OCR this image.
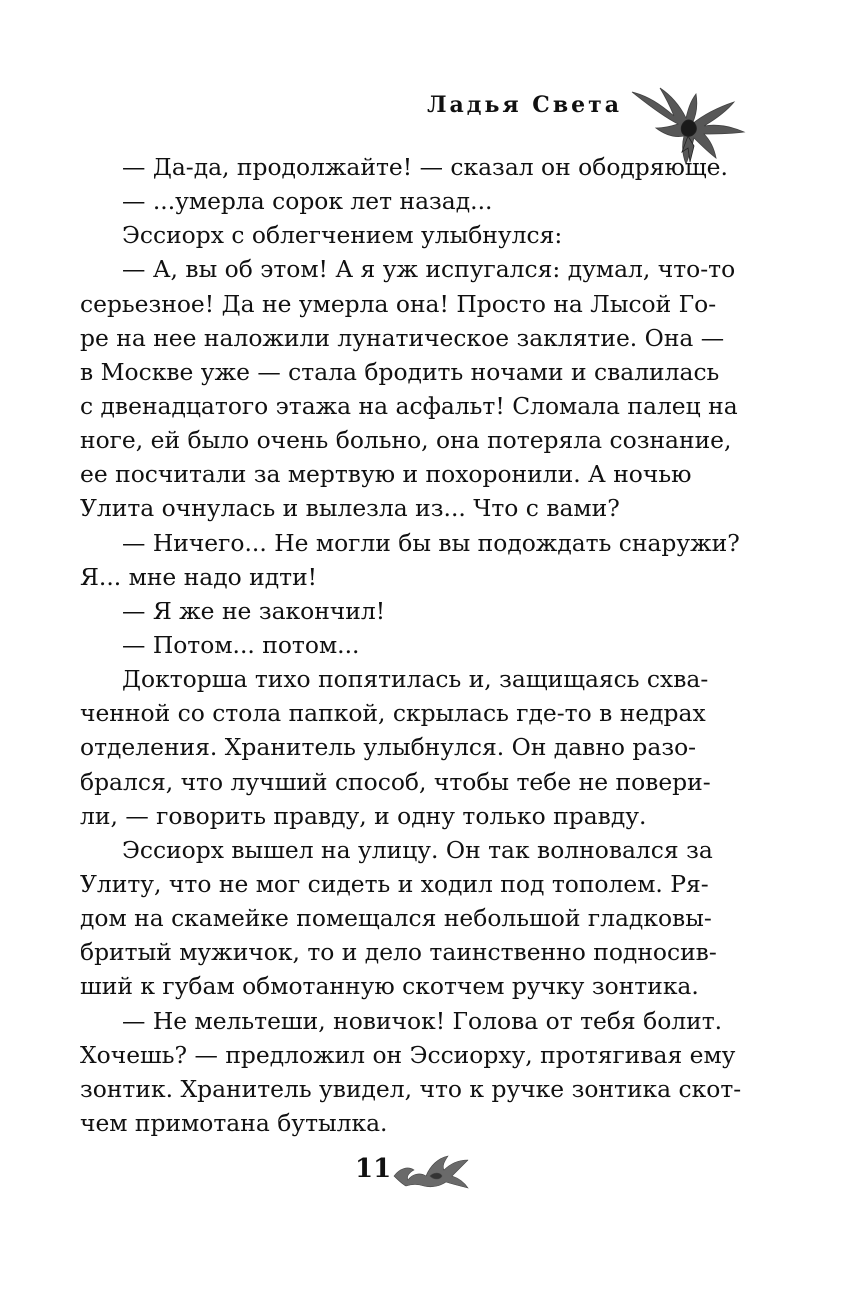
Ладья Света
— Да-да, продолжайте! — сказал он ободряюще.
— ...умерла сорок лет назад...
Эссиорх с облегчением улыбнулся:
— А, вы об этом! А я уж испугался: думал, что-то
серьезное! Да не умерла она! Просто на Лысой Го-
ре на нее наложили лунатическое заклятие. Она —
в Москве уже — стала бродить ночами и свалилась
с двенадцатого этажа на асфальт! Сломала палец на
ноге, ей было очень больно, она потеряла сознание,
ее посчитали за мертвую и похоронили. А ночью
Улита очнулась и вылезла из... Что с вами?
— Ничего... Не могли бы вы подождать снаружи?
Я... мне надо идти!
— Я же не закончил!
— Потом... потом...
Докторша тихо попятилась и, защищаясь схва-
ченной со стола папкой, скрылась где-то в недрах
отделения. Хранитель улыбнулся. Он давно разо-
брался, что лучший способ, чтобы тебе не повери-
ли, — говорить правду, и одну только правду.
Эссиорх вышел на улицу. Он так волновался за
Улиту, что не мог сидеть и ходил под тополем. Ря-
дом на скамейке помещался небольшой гладковы-
бритый мужичок, то и дело таинственно подносив-
ший к губам обмотанную скотчем ручку зонтика.
— Не мельтеши, новичок! Голова от тебя болит.
Хочешь? — предложил он Эссиорху, протягивая ему
зонтик. Хранитель увидел, что к ручке зонтика скот-
чем примотана бутылка.
11
